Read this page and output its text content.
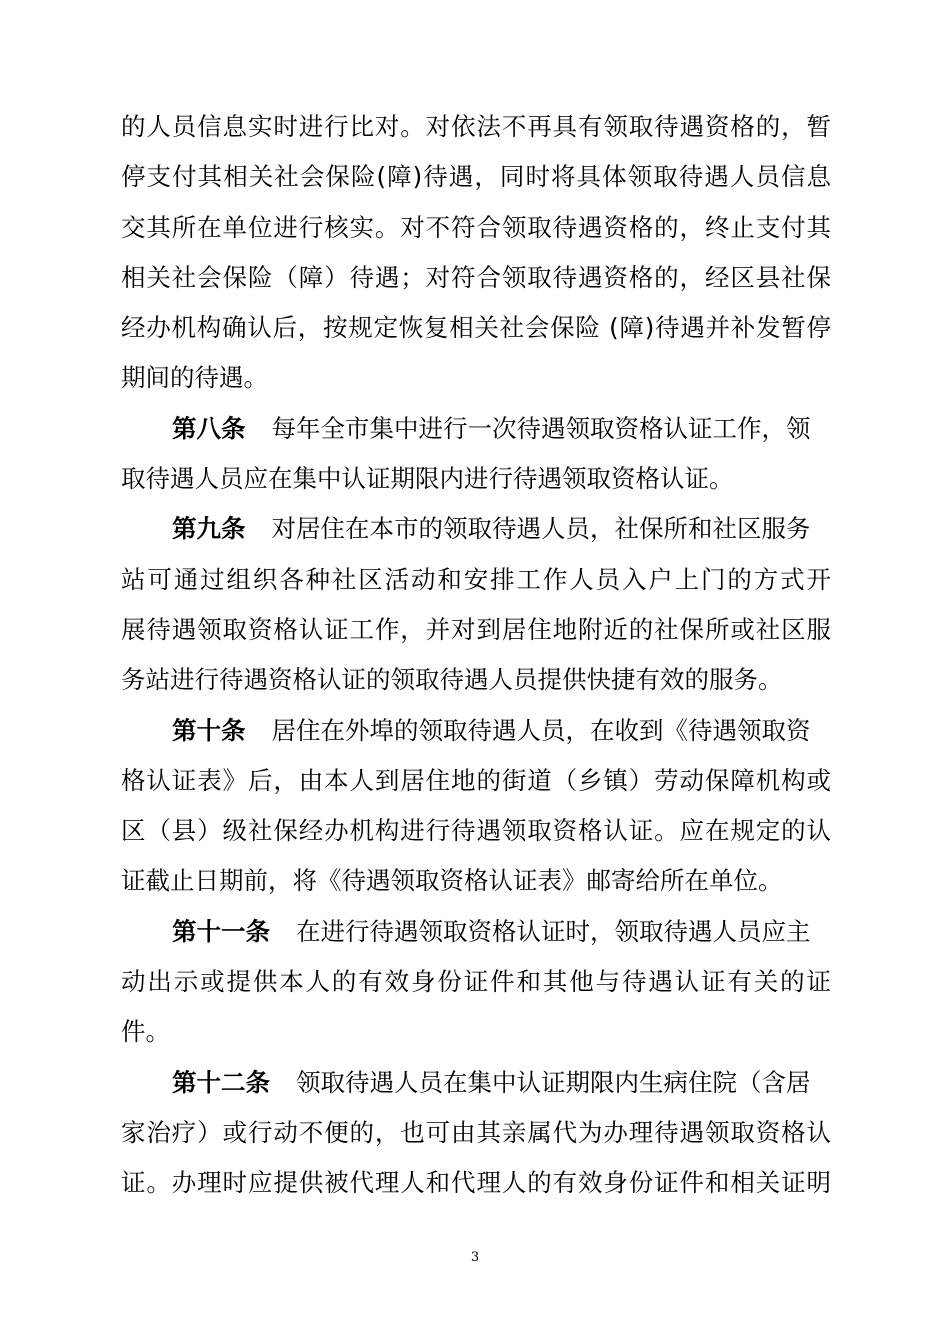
的人员信息实时进行比对。对依法不再具有领取待遇资格的，暂
停支付其相关社会保险(障)待遇，同时将具体领取待遇人员信息
交其所在单位进行核实。对不符合领取待遇资格的，终止支付其
相关社会保险（障）待遇；对符合领取待遇资格的，经区县社保
经办机构确认后，按规定恢复相关社会保险 (障)待遇并补发暂停
期间的待遇。
第八条 每年全市集中进行一次待遇领取资格认证工作，领
取待遇人员应在集中认证期限内进行待遇领取资格认证。
第九条 对居住在本市的领取待遇人员，社保所和社区服务
站可通过组织各种社区活动和安排工作人员入户上门的方式开
展待遇领取资格认证工作，并对到居住地附近的社保所或社区服
务站进行待遇资格认证的领取待遇人员提供快捷有效的服务。
第十条 居住在外埠的领取待遇人员，在收到《待遇领取资
格认证表》后，由本人到居住地的街道（乡镇）劳动保障机构或
区（县）级社保经办机构进行待遇领取资格认证。应在规定的认
证截止日期前，将《待遇领取资格认证表》邮寄给所在单位。
第十一条 在进行待遇领取资格认证时，领取待遇人员应主
动出示或提供本人的有效身份证件和其他与待遇认证有关的证
件。
第十二条 领取待遇人员在集中认证期限内生病住院（含居
家治疗）或行动不便的，也可由其亲属代为办理待遇领取资格认
证。办理时应提供被代理人和代理人的有效身份证件和相关证明
3
